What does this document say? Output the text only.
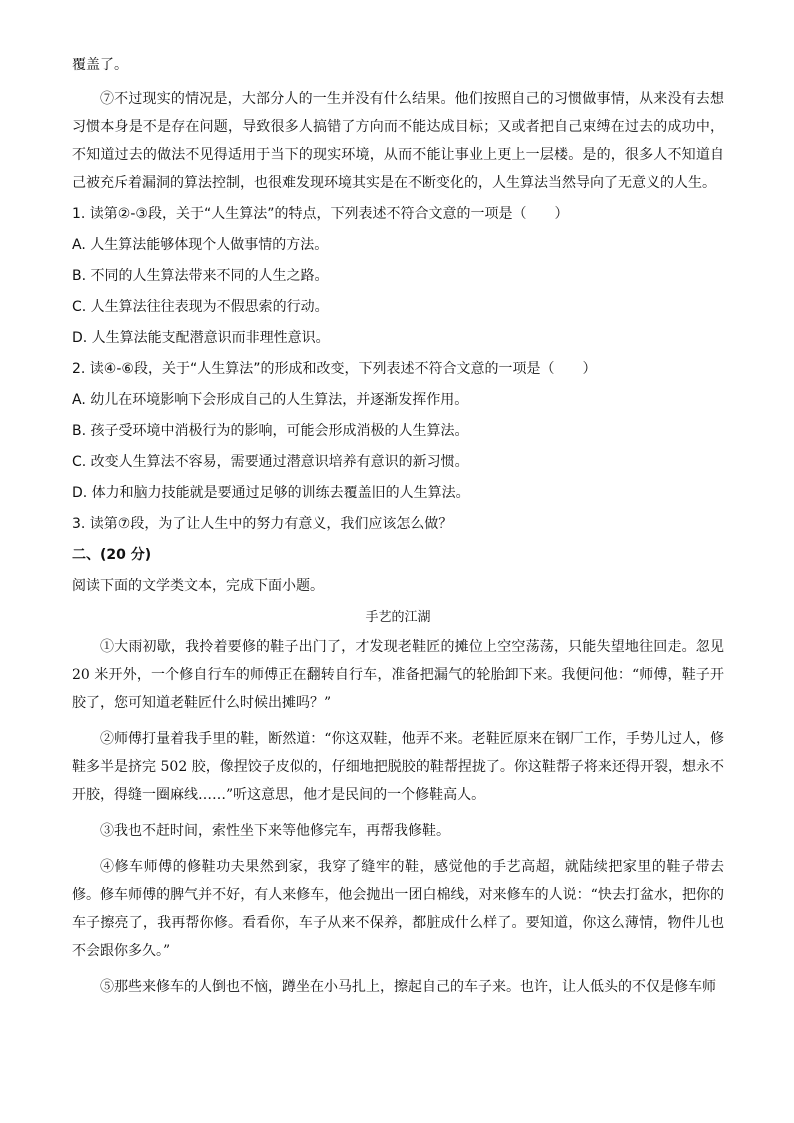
覆盖了。

⑦不过现实的情况是，大部分人的一生并没有什么结果。他们按照自己的习惯做事情，从来没有去想习惯本身是不是存在问题，导致很多人搞错了方向而不能达成目标；又或者把自己束缚在过去的成功中，不知道过去的做法不见得适用于当下的现实环境，从而不能让事业上更上一层楼。是的，很多人不知道自己被充斥着漏洞的算法控制，也很难发现环境其实是在不断变化的，人生算法当然导向了无意义的人生。

1. 读第②-③段，关于“人生算法”的特点，下列表述不符合文意的一项是（　　）

A. 人生算法能够体现个人做事情的方法。

B. 不同的人生算法带来不同的人生之路。

C. 人生算法往往表现为不假思索的行动。

D. 人生算法能支配潜意识而非理性意识。

2. 读④-⑥段，关于“人生算法”的形成和改变，下列表述不符合文意的一项是（　　）

A. 幼儿在环境影响下会形成自己的人生算法，并逐渐发挥作用。

B. 孩子受环境中消极行为的影响，可能会形成消极的人生算法。

C. 改变人生算法不容易，需要通过潜意识培养有意识的新习惯。

D. 体力和脑力技能就是要通过足够的训练去覆盖旧的人生算法。

3. 读第⑦段，为了让人生中的努力有意义，我们应该怎么做？

二、(20 分)

阅读下面的文学类文本，完成下面小题。

手艺的江湖

①大雨初歇，我拎着要修的鞋子出门了，才发现老鞋匠的摊位上空空荡荡，只能失望地往回走。忽见 20 米开外，一个修自行车的师傅正在翻转自行车，准备把漏气的轮胎卸下来。我便问他：“师傅，鞋子开胶了，您可知道老鞋匠什么时候出摊吗？”

②师傅打量着我手里的鞋，断然道：“你这双鞋，他弄不来。老鞋匠原来在钢厂工作，手势儿过人，修鞋多半是挤完 502 胶，像捏饺子皮似的，仔细地把脱胶的鞋帮捏拢了。你这鞋帮子将来还得开裂，想永不开胶，得缝一圈麻线……”听这意思，他才是民间的一个修鞋高人。

③我也不赶时间，索性坐下来等他修完车，再帮我修鞋。

④修车师傅的修鞋功夫果然到家，我穿了缝牢的鞋，感觉他的手艺高超，就陆续把家里的鞋子带去修。修车师傅的脾气并不好，有人来修车，他会抛出一团白棉线，对来修车的人说：“快去打盆水，把你的车子擦亮了，我再帮你修。看看你，车子从来不保养，都脏成什么样了。要知道，你这么薄情，物件儿也不会跟你多久。”

⑤那些来修车的人倒也不恼，蹲坐在小马扎上，擦起自己的车子来。也许，让人低头的不仅是修车师
